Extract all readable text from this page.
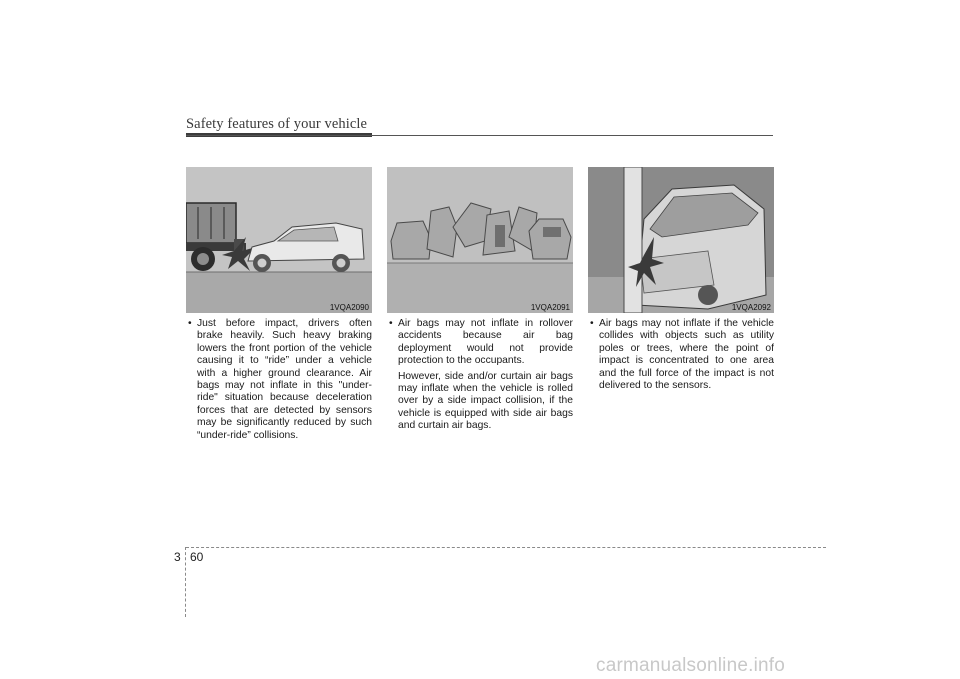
Safety features of your vehicle
1VQA2090	1VQA2091	1VQA2092

• Just before impact, drivers often brake heavily. Such heavy braking lowers the front portion of the vehicle causing it to “ride” under a vehicle with a higher ground clearance. Air bags may not inflate in this "under-ride" situation because deceleration forces that are detected by sensors may be significantly reduced by such “under-ride” collisions.

• Air bags may not inflate in rollover accidents because air bag deployment would not provide protection to the occupants.

However, side and/or curtain air bags may inflate when the vehicle is rolled over by a side impact collision, if the vehicle is equipped with side air bags and curtain air bags.

• Air bags may not inflate if the vehicle collides with objects such as utility poles or trees, where the point of impact is concentrated to one area and the full force of the impact is not delivered to the sensors.

3 60
carmanualsonline.info
